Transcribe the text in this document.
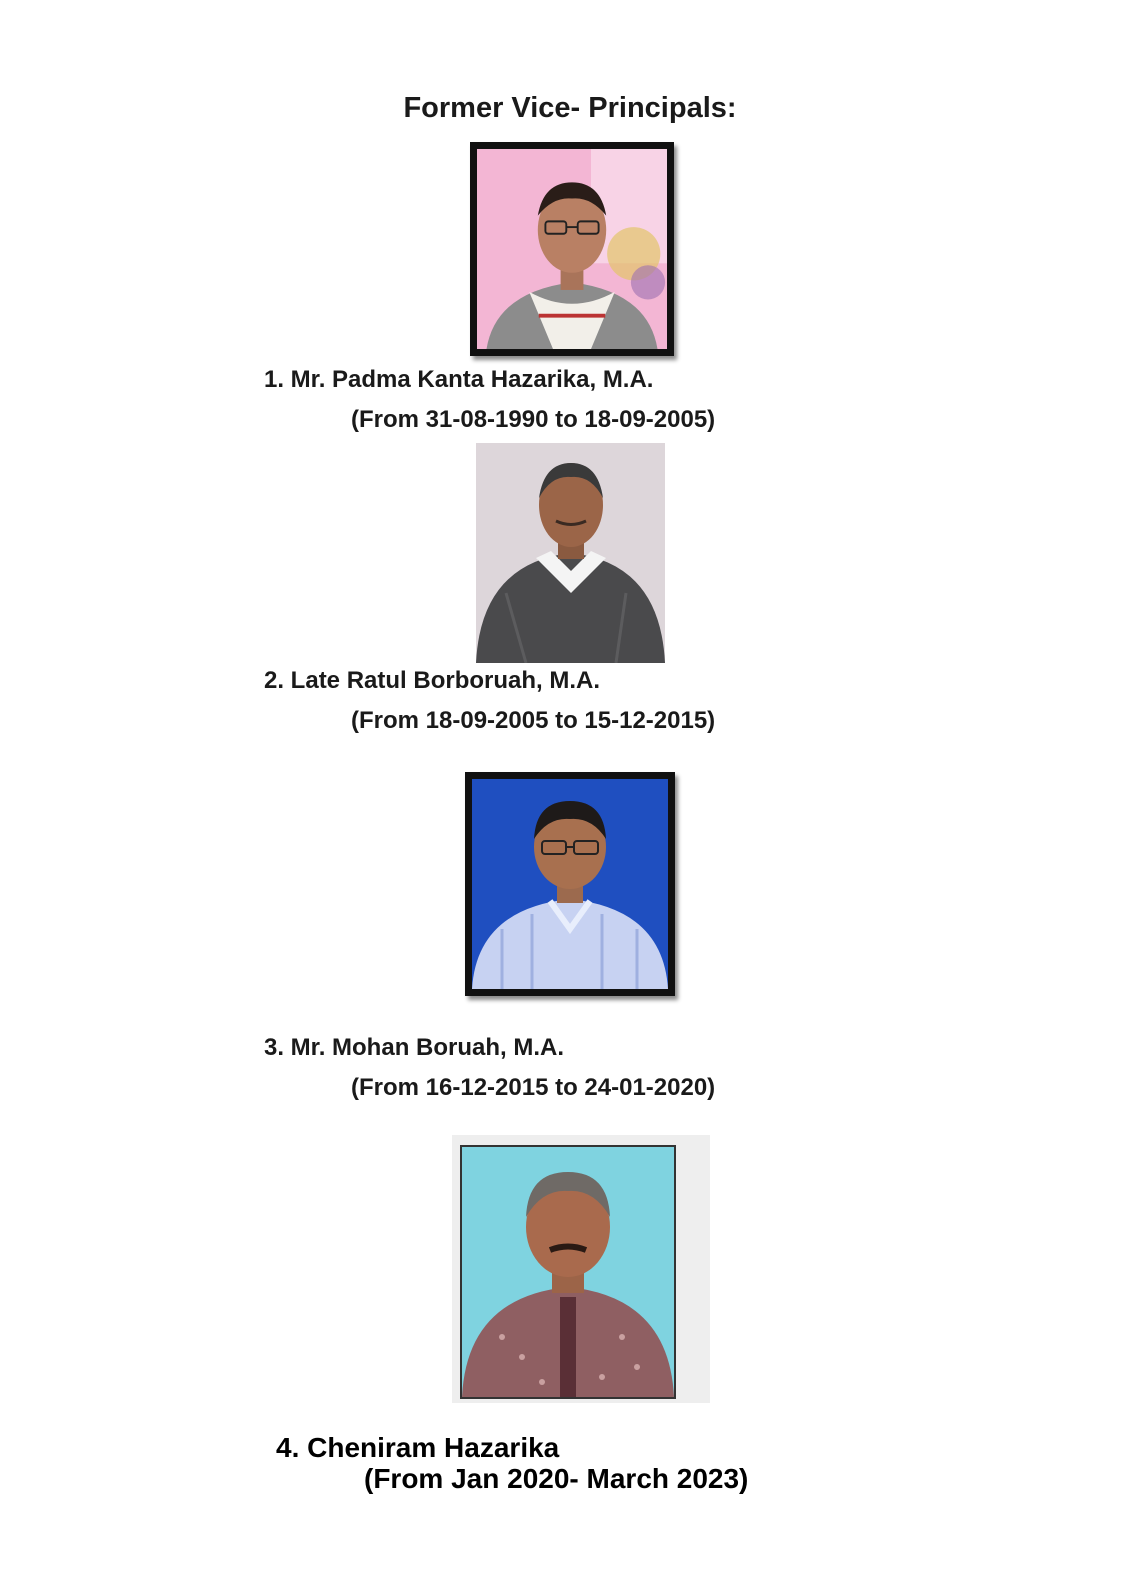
Former Vice- Principals:
1. Mr. Padma Kanta Hazarika, M.A.
(From 31-08-1990 to 18-09-2005)
2. Late Ratul Borboruah, M.A.
(From 18-09-2005 to 15-12-2015)
3. Mr. Mohan Boruah, M.A.
(From 16-12-2015 to 24-01-2020)
4. Cheniram Hazarika
(From Jan 2020- March 2023)
